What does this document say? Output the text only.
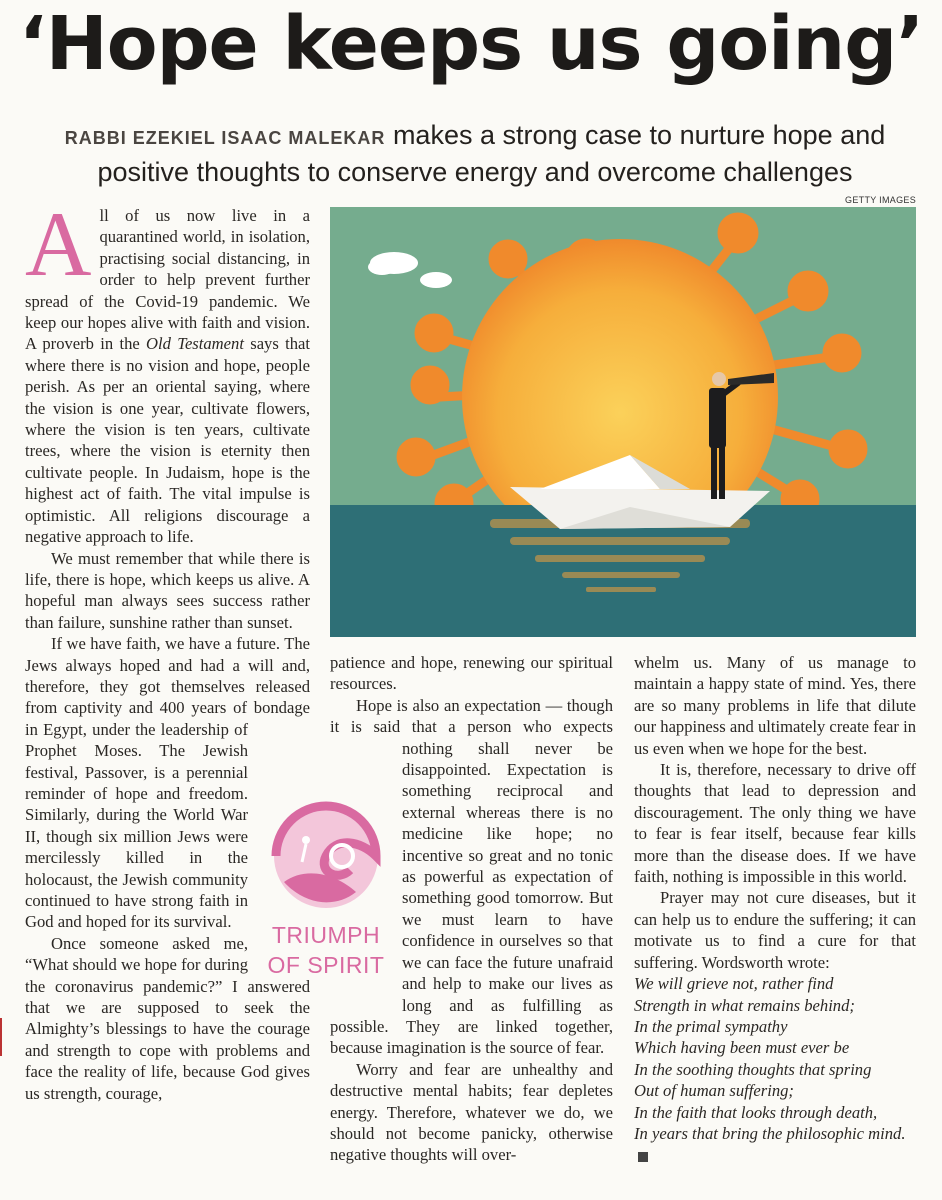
‘Hope keeps us going’
RABBI EZEKIEL ISAAC MALEKAR makes a strong case to nurture hope and positive thoughts to conserve energy and overcome challenges
GETTY IMAGES

All of us now live in a quarantined world, in isolation, practising social distancing, in order to help prevent further spread of the Covid-19 pandemic. We keep our hopes alive with faith and vision. A proverb in the Old Testament says that where there is no vision and hope, people perish. As per an oriental saying, where the vision is one year, cultivate flowers, where the vision is ten years, cultivate trees, where the vision is eternity then cultivate people. In Judaism, hope is the highest act of faith. The vital impulse is optimistic. All religions discourage a negative approach to life.

We must remember that while there is life, there is hope, which keeps us alive. A hopeful man always sees success rather than failure, sunshine rather than sunset.

If we have faith, we have a future. The Jews always hoped and had a will and, therefore, they got themselves released from captivity and 400 years of bondage in Egypt, under the leadership of Prophet Moses. The Jewish festival, Passover, is a perennial reminder of hope and freedom. Similarly, during the World War II, though six million Jews were mercilessly killed in the holocaust, the Jewish community continued to have strong faith in God and hoped for its survival.

Once someone asked me, “What should we hope for during the coronavirus pandemic?” I answered that we are supposed to seek the Almighty’s blessings to have the courage and strength to cope with problems and face the reality of life, because God gives us strength, courage,

patience and hope, renewing our spiritual resources.

Hope is also an expectation — though it is said that a person who expects nothing shall never be disappointed. Expectation is something reciprocal and external whereas there is no medicine like hope; no incentive so great and no tonic as powerful as expectation of something good tomorrow. But we must learn to have confidence in ourselves so that we can face the future unafraid and help to make our lives as long and as fulfilling as possible. They are linked together, because imagination is the source of fear.

Worry and fear are unhealthy and destructive mental habits; fear depletes energy. Therefore, whatever we do, we should not become panicky, otherwise negative thoughts will over-

whelm us. Many of us manage to maintain a happy state of mind. Yes, there are so many problems in life that dilute our happiness and ultimately create fear in us even when we hope for the best.

It is, therefore, necessary to drive off thoughts that lead to depression and discouragement. The only thing we have to fear is fear itself, because fear kills more than the disease does. If we have faith, nothing is impossible in this world.

Prayer may not cure diseases, but it can help us to endure the suffering; it can motivate us to find a cure for that suffering. Wordsworth wrote:

We will grieve not, rather find

Strength in what remains behind;

In the primal sympathy

Which having been must ever be

In the soothing thoughts that spring

Out of human suffering;

In the faith that looks through death,

In years that bring the philosophic mind.

TRIUMPH
OF SPIRIT
